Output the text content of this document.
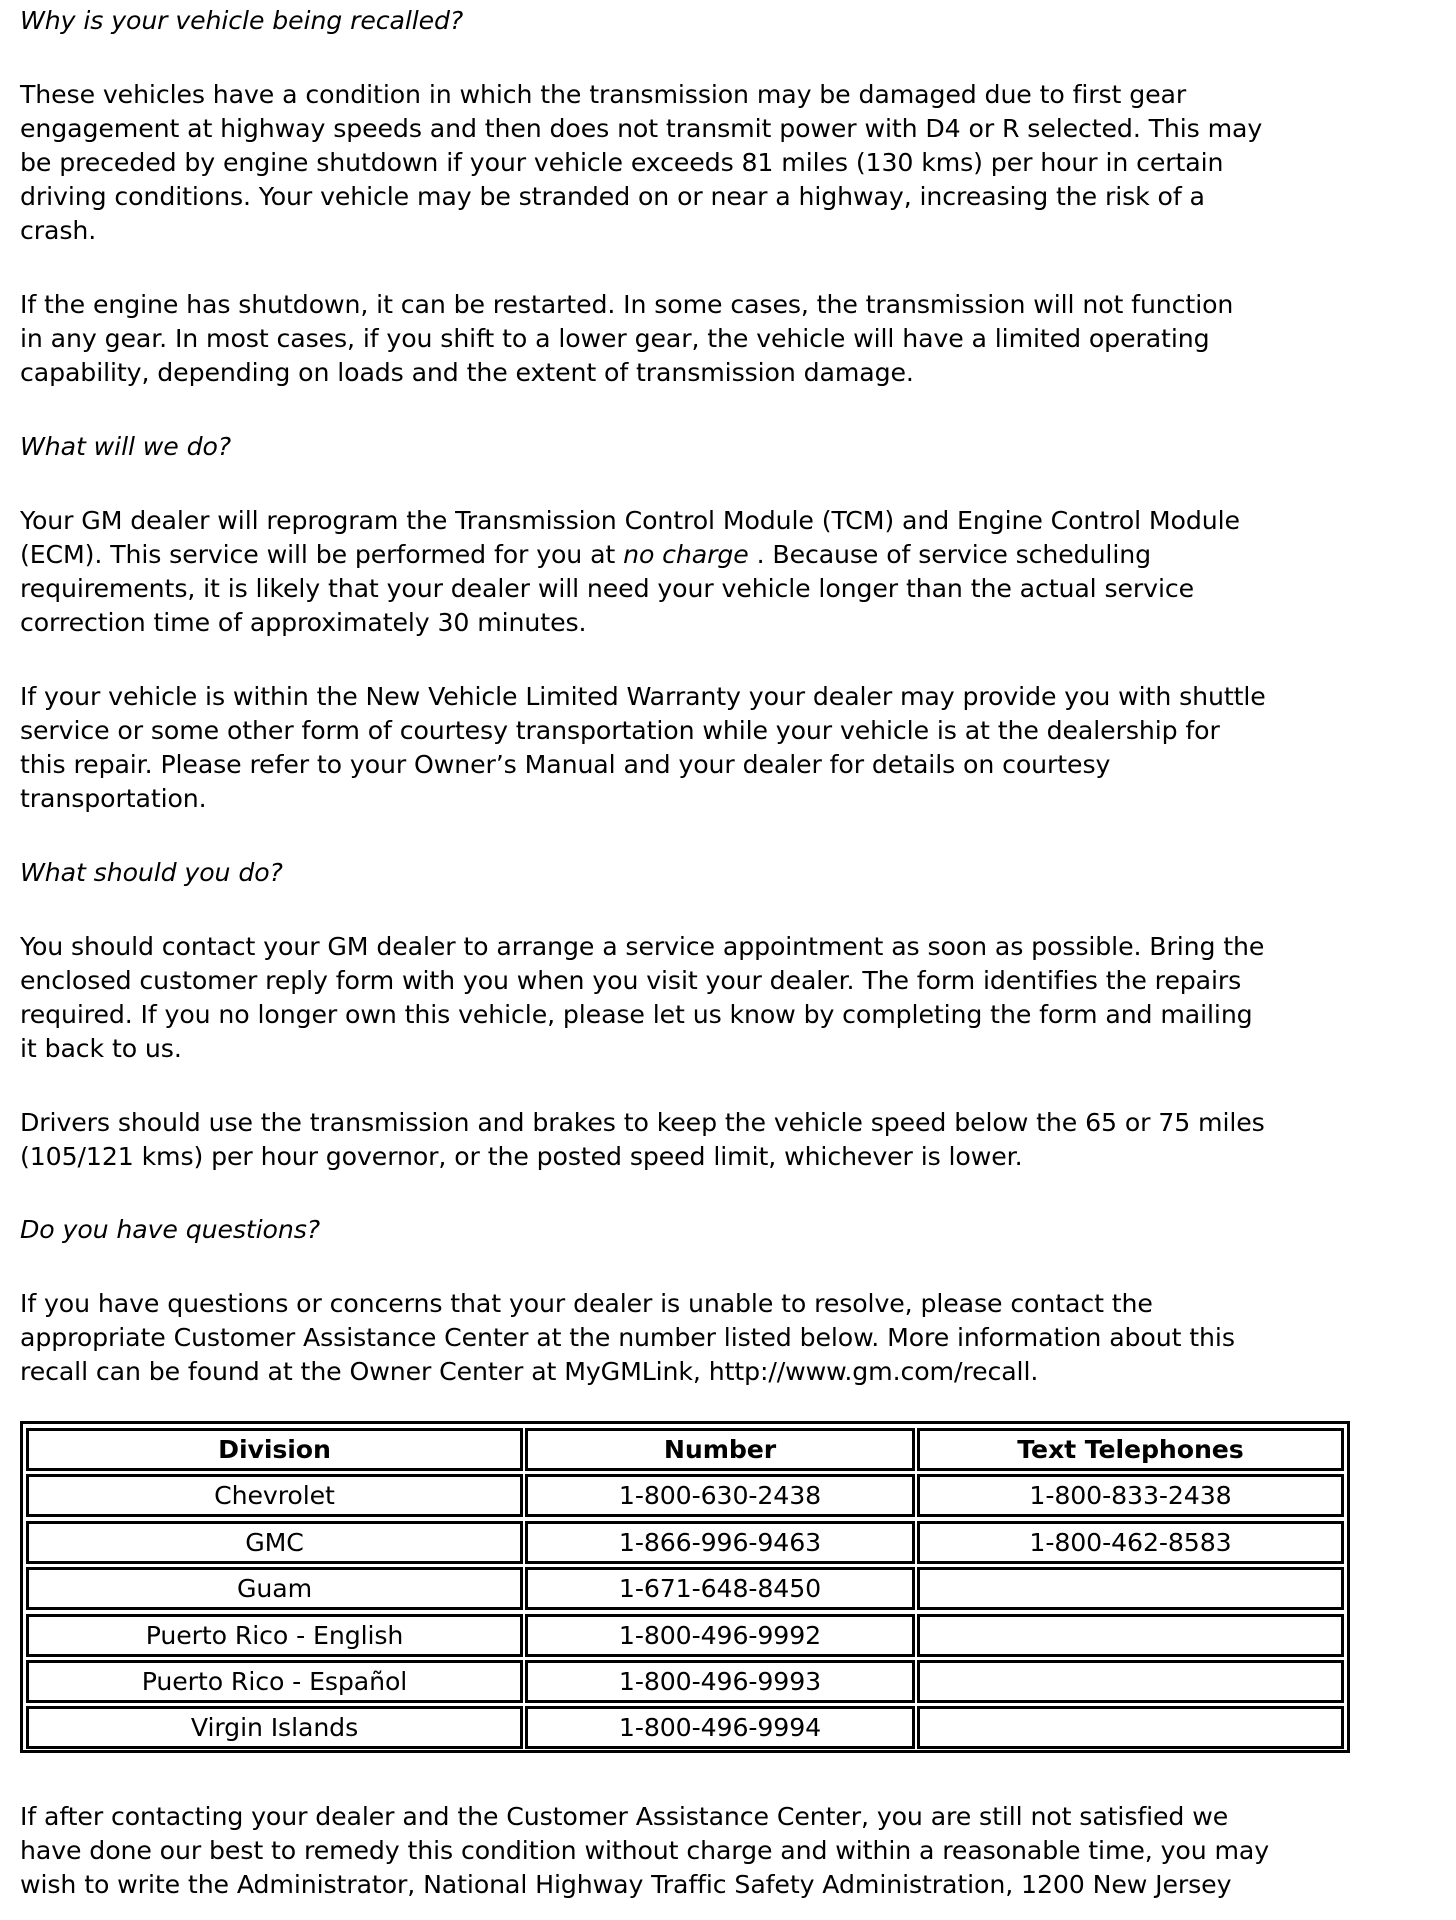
Why is your vehicle being recalled?
These vehicles have a condition in which the transmission may be damaged due to first gear
engagement at highway speeds and then does not transmit power with D4 or R selected. This may
be preceded by engine shutdown if your vehicle exceeds 81 miles (130 kms) per hour in certain
driving conditions. Your vehicle may be stranded on or near a highway, increasing the risk of a
crash.
If the engine has shutdown, it can be restarted. In some cases, the transmission will not function
in any gear. In most cases, if you shift to a lower gear, the vehicle will have a limited operating
capability, depending on loads and the extent of transmission damage.
What will we do?
Your GM dealer will reprogram the Transmission Control Module (TCM) and Engine Control Module
(ECM). This service will be performed for you at no charge . Because of service scheduling
requirements, it is likely that your dealer will need your vehicle longer than the actual service
correction time of approximately 30 minutes.
If your vehicle is within the New Vehicle Limited Warranty your dealer may provide you with shuttle
service or some other form of courtesy transportation while your vehicle is at the dealership for
this repair. Please refer to your Owner’s Manual and your dealer for details on courtesy
transportation.
What should you do?
You should contact your GM dealer to arrange a service appointment as soon as possible. Bring the
enclosed customer reply form with you when you visit your dealer. The form identifies the repairs
required. If you no longer own this vehicle, please let us know by completing the form and mailing
it back to us.
Drivers should use the transmission and brakes to keep the vehicle speed below the 65 or 75 miles
(105/121 kms) per hour governor, or the posted speed limit, whichever is lower.
Do you have questions?
If you have questions or concerns that your dealer is unable to resolve, please contact the
appropriate Customer Assistance Center at the number listed below. More information about this
recall can be found at the Owner Center at MyGMLink, http://www.gm.com/recall.
If after contacting your dealer and the Customer Assistance Center, you are still not satisfied we
have done our best to remedy this condition without charge and within a reasonable time, you may
wish to write the Administrator, National Highway Traffic Safety Administration, 1200 New Jersey
Division	Number	Text Telephones
Chevrolet	1-800-630-2438	1-800-833-2438
GMC	1-866-996-9463	1-800-462-8583
Guam	1-671-648-8450
Puerto Rico - English	1-800-496-9992
Puerto Rico - Español	1-800-496-9993
Virgin Islands	1-800-496-9994
